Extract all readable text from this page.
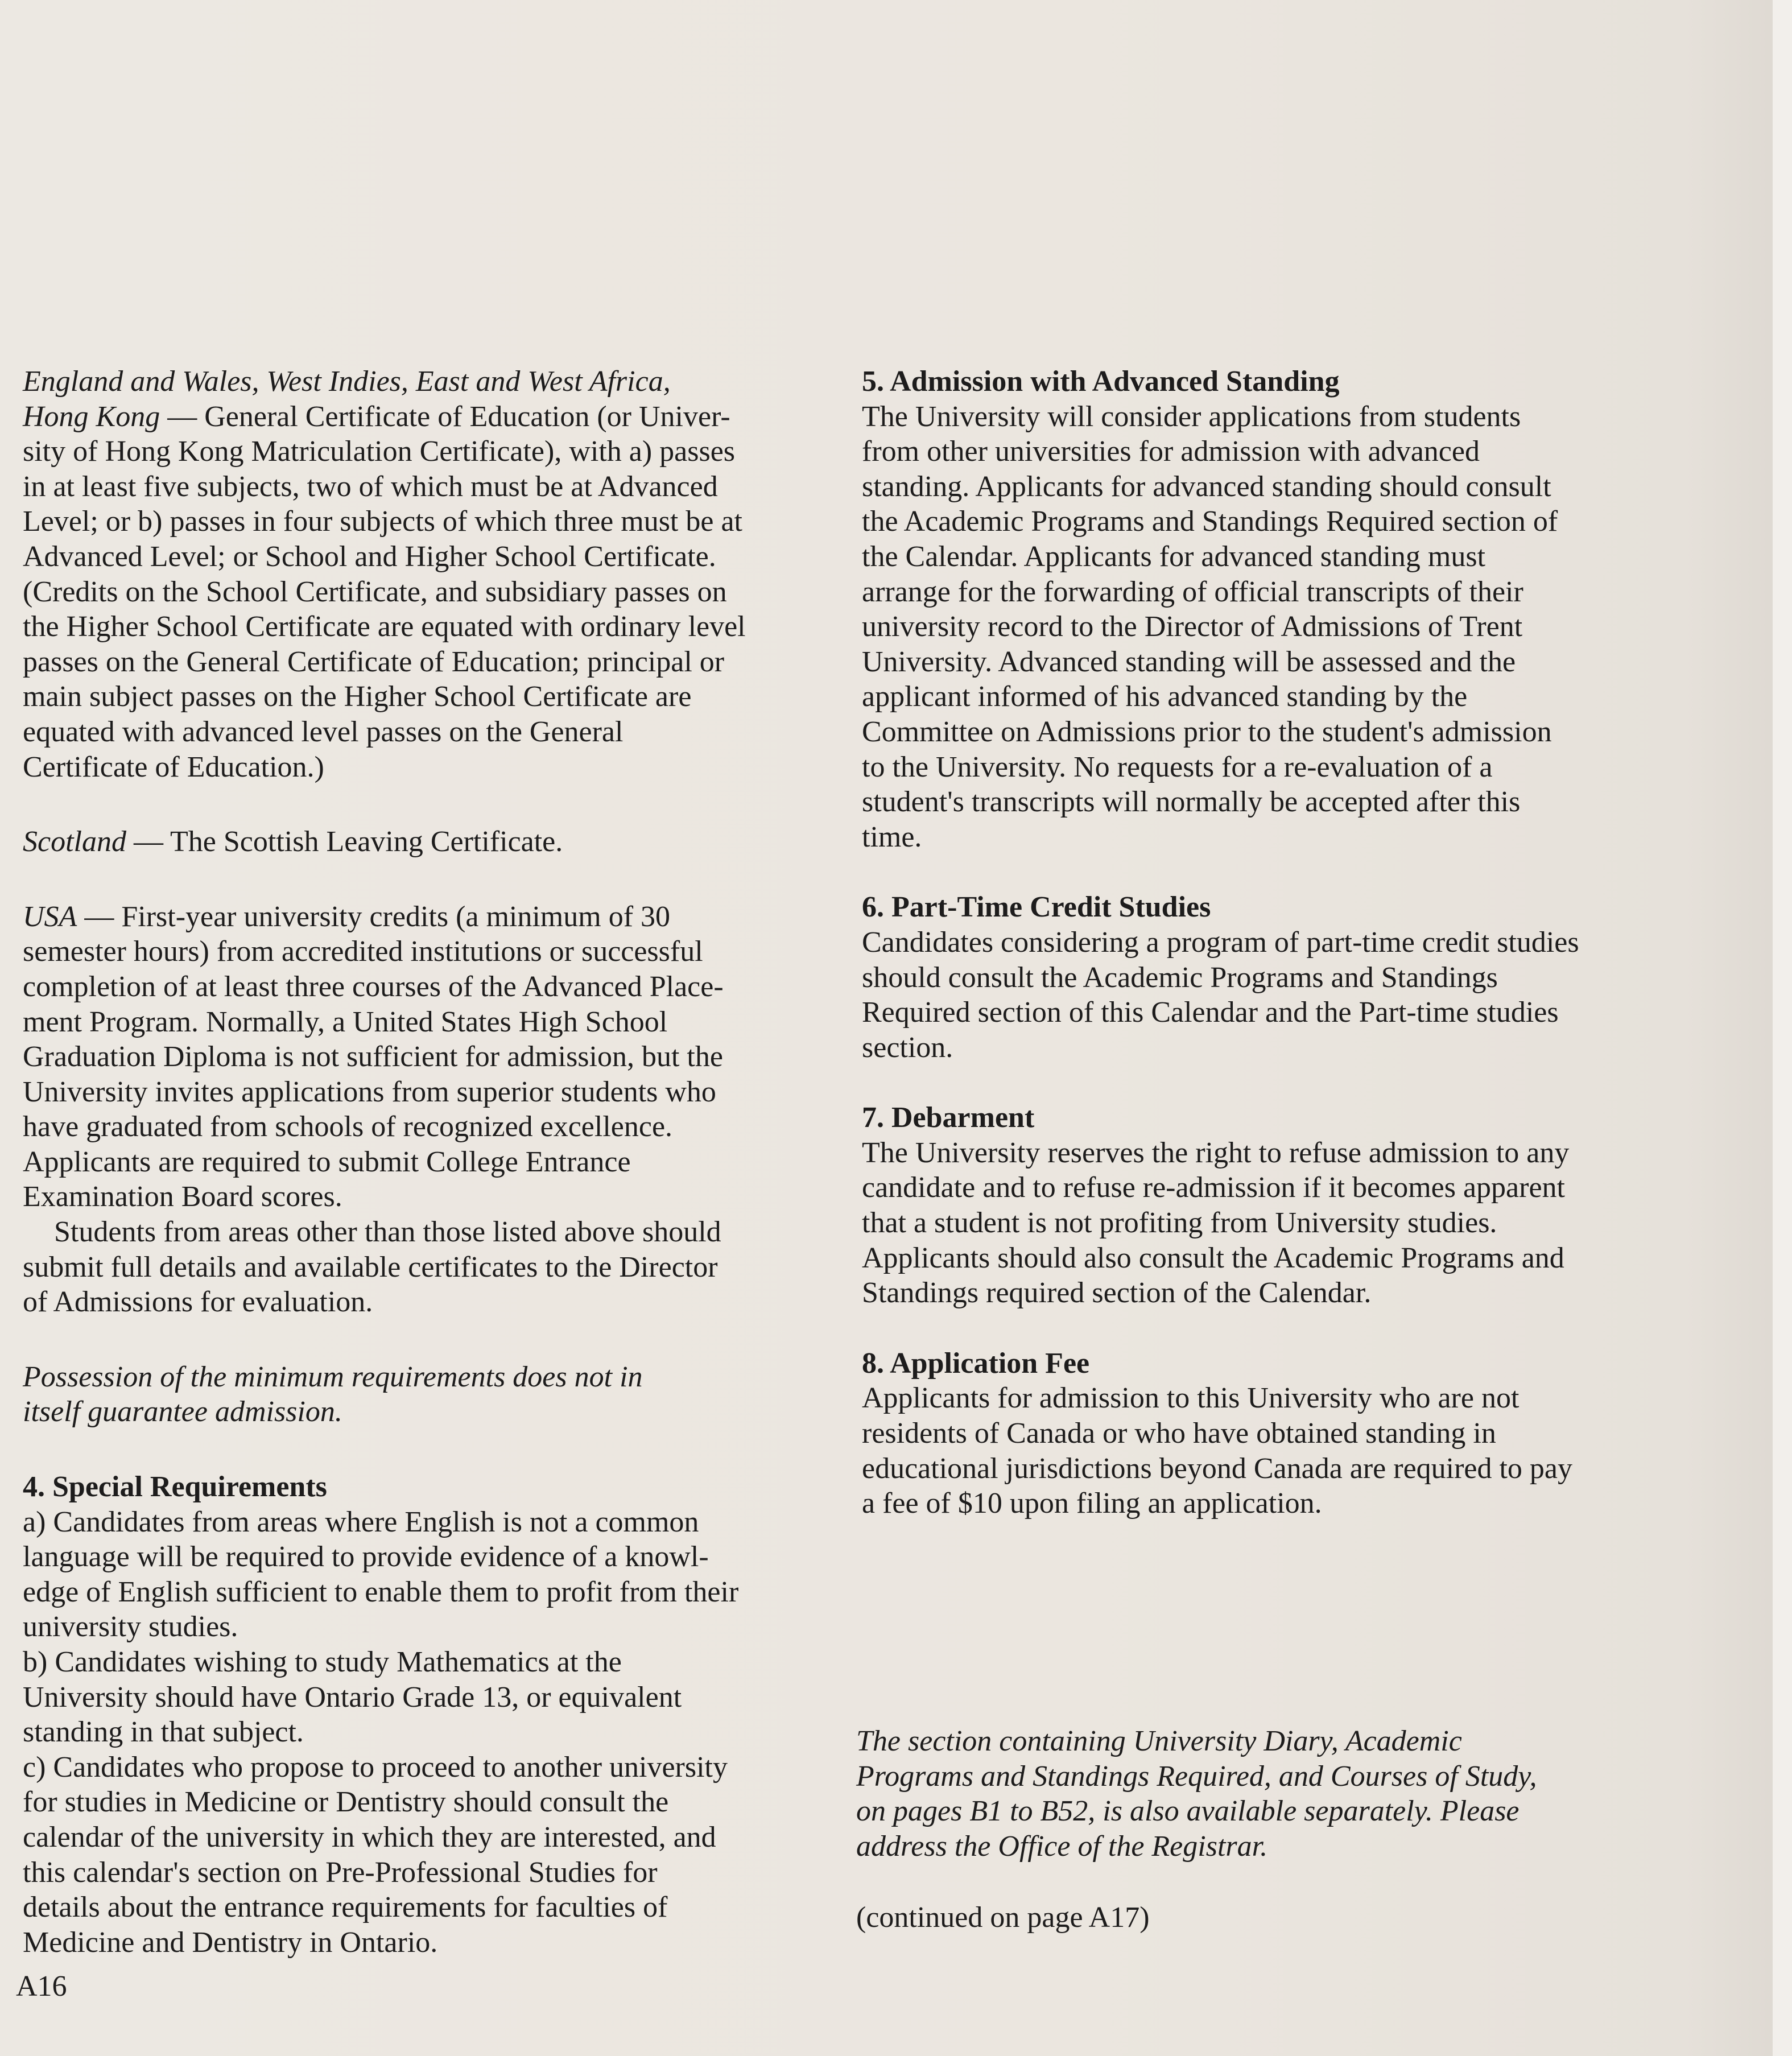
England and Wales, West Indies, East and West Africa,
Hong Kong — General Certificate of Education (or Univer-
sity of Hong Kong Matriculation Certificate), with a) passes
in at least five subjects, two of which must be at Advanced
Level; or b) passes in four subjects of which three must be at
Advanced Level; or School and Higher School Certificate.
(Credits on the School Certificate, and subsidiary passes on
the Higher School Certificate are equated with ordinary level
passes on the General Certificate of Education; principal or
main subject passes on the Higher School Certificate are
equated with advanced level passes on the General
Certificate of Education.)
Scotland — The Scottish Leaving Certificate.
USA — First-year university credits (a minimum of 30
semester hours) from accredited institutions or successful
completion of at least three courses of the Advanced Place-
ment Program. Normally, a United States High School
Graduation Diploma is not sufficient for admission, but the
University invites applications from superior students who
have graduated from schools of recognized excellence.
Applicants are required to submit College Entrance
Examination Board scores.
Students from areas other than those listed above should
submit full details and available certificates to the Director
of Admissions for evaluation.
Possession of the minimum requirements does not in
itself guarantee admission.
4. Special Requirements
a) Candidates from areas where English is not a common
language will be required to provide evidence of a knowl-
edge of English sufficient to enable them to profit from their
university studies.
b) Candidates wishing to study Mathematics at the
University should have Ontario Grade 13, or equivalent
standing in that subject.
c) Candidates who propose to proceed to another university
for studies in Medicine or Dentistry should consult the
calendar of the university in which they are interested, and
this calendar's section on Pre-Professional Studies for
details about the entrance requirements for faculties of
Medicine and Dentistry in Ontario.
A16
5. Admission with Advanced Standing
The University will consider applications from students
from other universities for admission with advanced
standing. Applicants for advanced standing should consult
the Academic Programs and Standings Required section of
the Calendar. Applicants for advanced standing must
arrange for the forwarding of official transcripts of their
university record to the Director of Admissions of Trent
University. Advanced standing will be assessed and the
applicant informed of his advanced standing by the
Committee on Admissions prior to the student's admission
to the University. No requests for a re-evaluation of a
student's transcripts will normally be accepted after this
time.
6. Part-Time Credit Studies
Candidates considering a program of part-time credit studies
should consult the Academic Programs and Standings
Required section of this Calendar and the Part-time studies
section.
7. Debarment
The University reserves the right to refuse admission to any
candidate and to refuse re-admission if it becomes apparent
that a student is not profiting from University studies.
Applicants should also consult the Academic Programs and
Standings required section of the Calendar.
8. Application Fee
Applicants for admission to this University who are not
residents of Canada or who have obtained standing in
educational jurisdictions beyond Canada are required to pay
a fee of $10 upon filing an application.
The section containing University Diary, Academic
Programs and Standings Required, and Courses of Study,
on pages B1 to B52, is also available separately. Please
address the Office of the Registrar.
(continued on page A17)
